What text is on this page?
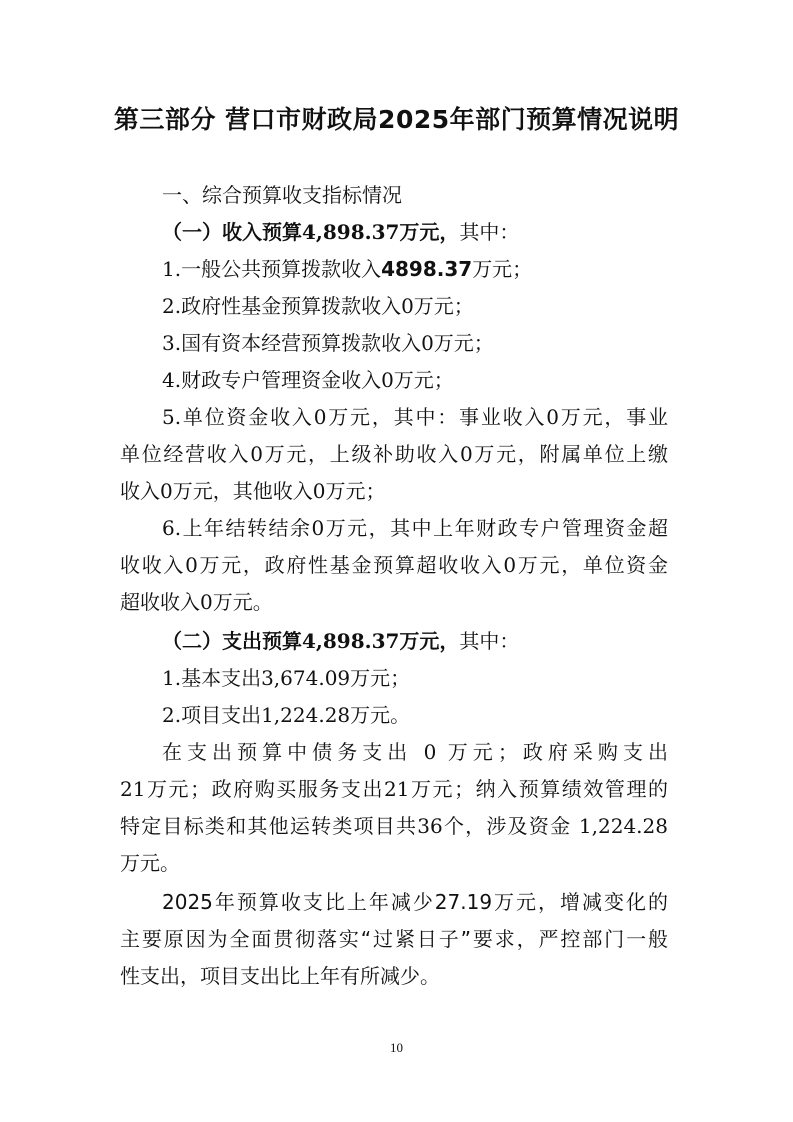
第三部分 营口市财政局2025年部门预算情况说明

一、综合预算收支指标情况

（一）收入预算4,898.37万元，其中：

1.一般公共预算拨款收入4898.37万元；

2.政府性基金预算拨款收入0万元；

3.国有资本经营预算拨款收入0万元；

4.财政专户管理资金收入0万元；

5.单位资金收入0万元，其中：事业收入0万元，事业

单位经营收入0万元，上级补助收入0万元，附属单位上缴

收入0万元，其他收入0万元；

6.上年结转结余0万元，其中上年财政专户管理资金超

收收入0万元，政府性基金预算超收收入0万元，单位资金

超收收入0万元。

（二）支出预算4,898.37万元，其中：

1.基本支出3,674.09万元；

2.项目支出1,224.28万元。

在支出预算中债务支出 0 万元；政府采购支出

21万元；政府购买服务支出21万元；纳入预算绩效管理的

特定目标类和其他运转类项目共36个，涉及资金 1,224.28

万元。

2025年预算收支比上年减少27.19万元，增减变化的

主要原因为全面贯彻落实“过紧日子”要求，严控部门一般

性支出，项目支出比上年有所减少。

10
